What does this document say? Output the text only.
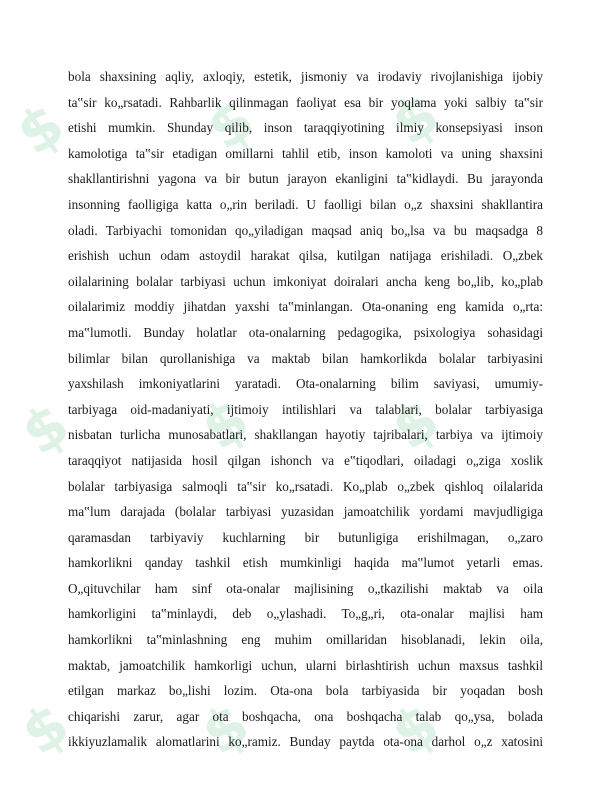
$ $ $
$ $ $
$ $ $
bola shaxsining aqliy, axloqiy, estetik, jismoniy va irodaviy rivojlanishiga ijobiy
ta‟sir ko„rsatadi. Rahbarlik qilinmagan faoliyat esa bir yoqlama yoki salbiy ta‟sir
etishi mumkin. Shunday qilib, inson taraqqiyotining ilmiy konsepsiyasi inson
kamolotiga ta‟sir etadigan omillarni tahlil etib, inson kamoloti va uning shaxsini
shakllantirishni yagona va bir butun jarayon ekanligini ta‟kidlaydi. Bu jarayonda
insonning faolligiga katta o„rin beriladi. U faolligi bilan o„z shaxsini shakllantira
oladi. Tarbiyachi tomonidan qo„yiladigan maqsad aniq bo„lsa va bu maqsadga 8
erishish uchun odam astoydil harakat qilsa, kutilgan natijaga erishiladi. O„zbek
oilalarining bolalar tarbiyasi uchun imkoniyat doiralari ancha keng bo„lib, ko„plab
oilalarimiz moddiy jihatdan yaxshi ta‟minlangan. Ota-onaning eng kamida o„rta:
ma‟lumotli. Bunday holatlar ota-onalarning pedagogika, psixologiya sohasidagi
bilimlar bilan qurollanishiga va maktab bilan hamkorlikda bolalar tarbiyasini
yaxshilash imkoniyatlarini yaratadi. Ota-onalarning bilim saviyasi, umumiy-
tarbiyaga oid-madaniyati, ijtimoiy intilishlari va talablari, bolalar tarbiyasiga
nisbatan turlicha munosabatlari, shakllangan hayotiy tajribalari, tarbiya va ijtimoiy
taraqqiyot natijasida hosil qilgan ishonch va e‟tiqodlari, oiladagi o„ziga xoslik
bolalar tarbiyasiga salmoqli ta‟sir ko„rsatadi. Ko„plab o„zbek qishloq oilalarida
ma‟lum darajada (bolalar tarbiyasi yuzasidan jamoatchilik yordami mavjudligiga
qaramasdan tarbiyaviy kuchlarning bir butunligiga erishilmagan, o„zaro
hamkorlikni qanday tashkil etish mumkinligi haqida ma‟lumot yetarli emas.
O„qituvchilar ham sinf ota-onalar majlisining o„tkazilishi maktab va oila
hamkorligini ta‟minlaydi, deb o„ylashadi. To„g„ri, ota-onalar majlisi ham
hamkorlikni ta‟minlashning eng muhim omillaridan hisoblanadi, lekin oila,
maktab, jamoatchilik hamkorligi uchun, ularni birlashtirish uchun maxsus tashkil
etilgan markaz bo„lishi lozim. Ota-ona bola tarbiyasida bir yoqadan bosh
chiqarishi zarur, agar ota boshqacha, ona boshqacha talab qo„ysa, bolada
ikkiyuzlamalik alomatlarini ko„ramiz. Bunday paytda ota-ona darhol o„z xatosini
